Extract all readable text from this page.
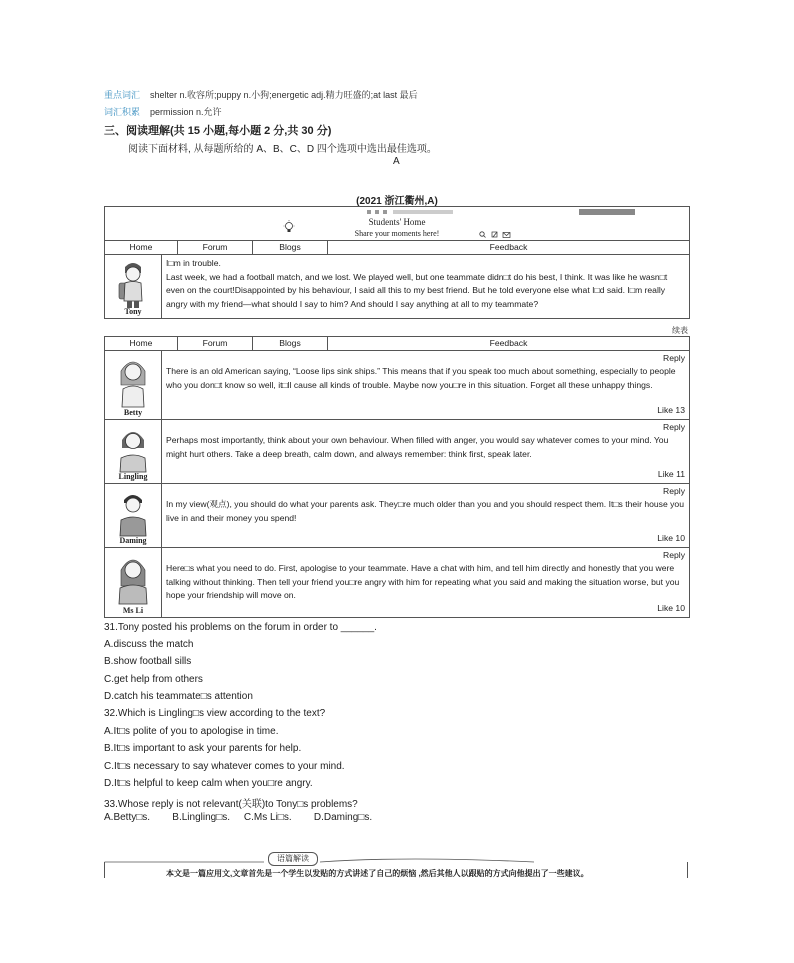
重点词汇 shelter n.收容所;puppy n.小狗;energetic adj.精力旺盛的;at last 最后
词汇积累 permission n.允许
三、阅读理解(共 15 小题,每小题 2 分,共 30 分)
阅读下面材料, 从每题所给的 A、B、C、D 四个选项中选出最佳选项。
A
(2021 浙江衢州,A)
Students' Home
Share your moments here!
Home	Forum	Blogs	Feedback
Tony
I□m in trouble.
Last week, we had a football match, and we lost. We played well, but one teammate didn□t do his best, I think. It was like he wasn□t even on the court!Disappointed by his behaviour, I said all this to my best friend. But he told everyone else what I□d said. I□m really angry with my friend—what should I say to him? And should I say anything at all to my teammate?
续表
Home	Forum	Blogs	Feedback
Betty
Reply
There is an old American saying, “Loose lips sink ships.” This means that if you speak too much about something, especially to people who you don□t know so well, it□ll cause all kinds of trouble. Maybe now you□re in this situation. Forget all these unhappy things.
Like 13
Lingling
Reply
Perhaps most importantly, think about your own behaviour. When filled with anger, you would say whatever comes to your mind. You might hurt others. Take a deep breath, calm down, and always remember: think first, speak later.
Like 11
Daming
Reply
In my view(观点), you should do what your parents ask. They□re much older than you and you should respect them. It□s their house you live in and their money you spend!
Like 10
Ms Li
Reply
Here□s what you need to do. First, apologise to your teammate. Have a chat with him, and tell him directly and honestly that you were talking without thinking. Then tell your friend you□re angry with him for repeating what you said and making the situation worse, but you hope your friendship will move on.
Like 10
31.Tony posted his problems on the forum in order to ______.
A.discuss the match
B.show football sills
C.get help from others
D.catch his teammate□s attention
32.Which is Lingling□s view according to the text?
A.It□s polite of you to apologise in time.
B.It□s important to ask your parents for help.
C.It□s necessary to say whatever comes to your mind.
D.It□s helpful to keep calm when you□re angry.
33.Whose reply is not relevant(关联)to Tony□s problems?
A.Betty□s.        B.Lingling□s.     C.Ms Li□s.        D.Daming□s.
语篇解读
本文是一篇应用文,文章首先是一个学生以发贴的方式讲述了自己的烦恼 ,然后其他人以跟贴的方式向他提出了一些建议。
